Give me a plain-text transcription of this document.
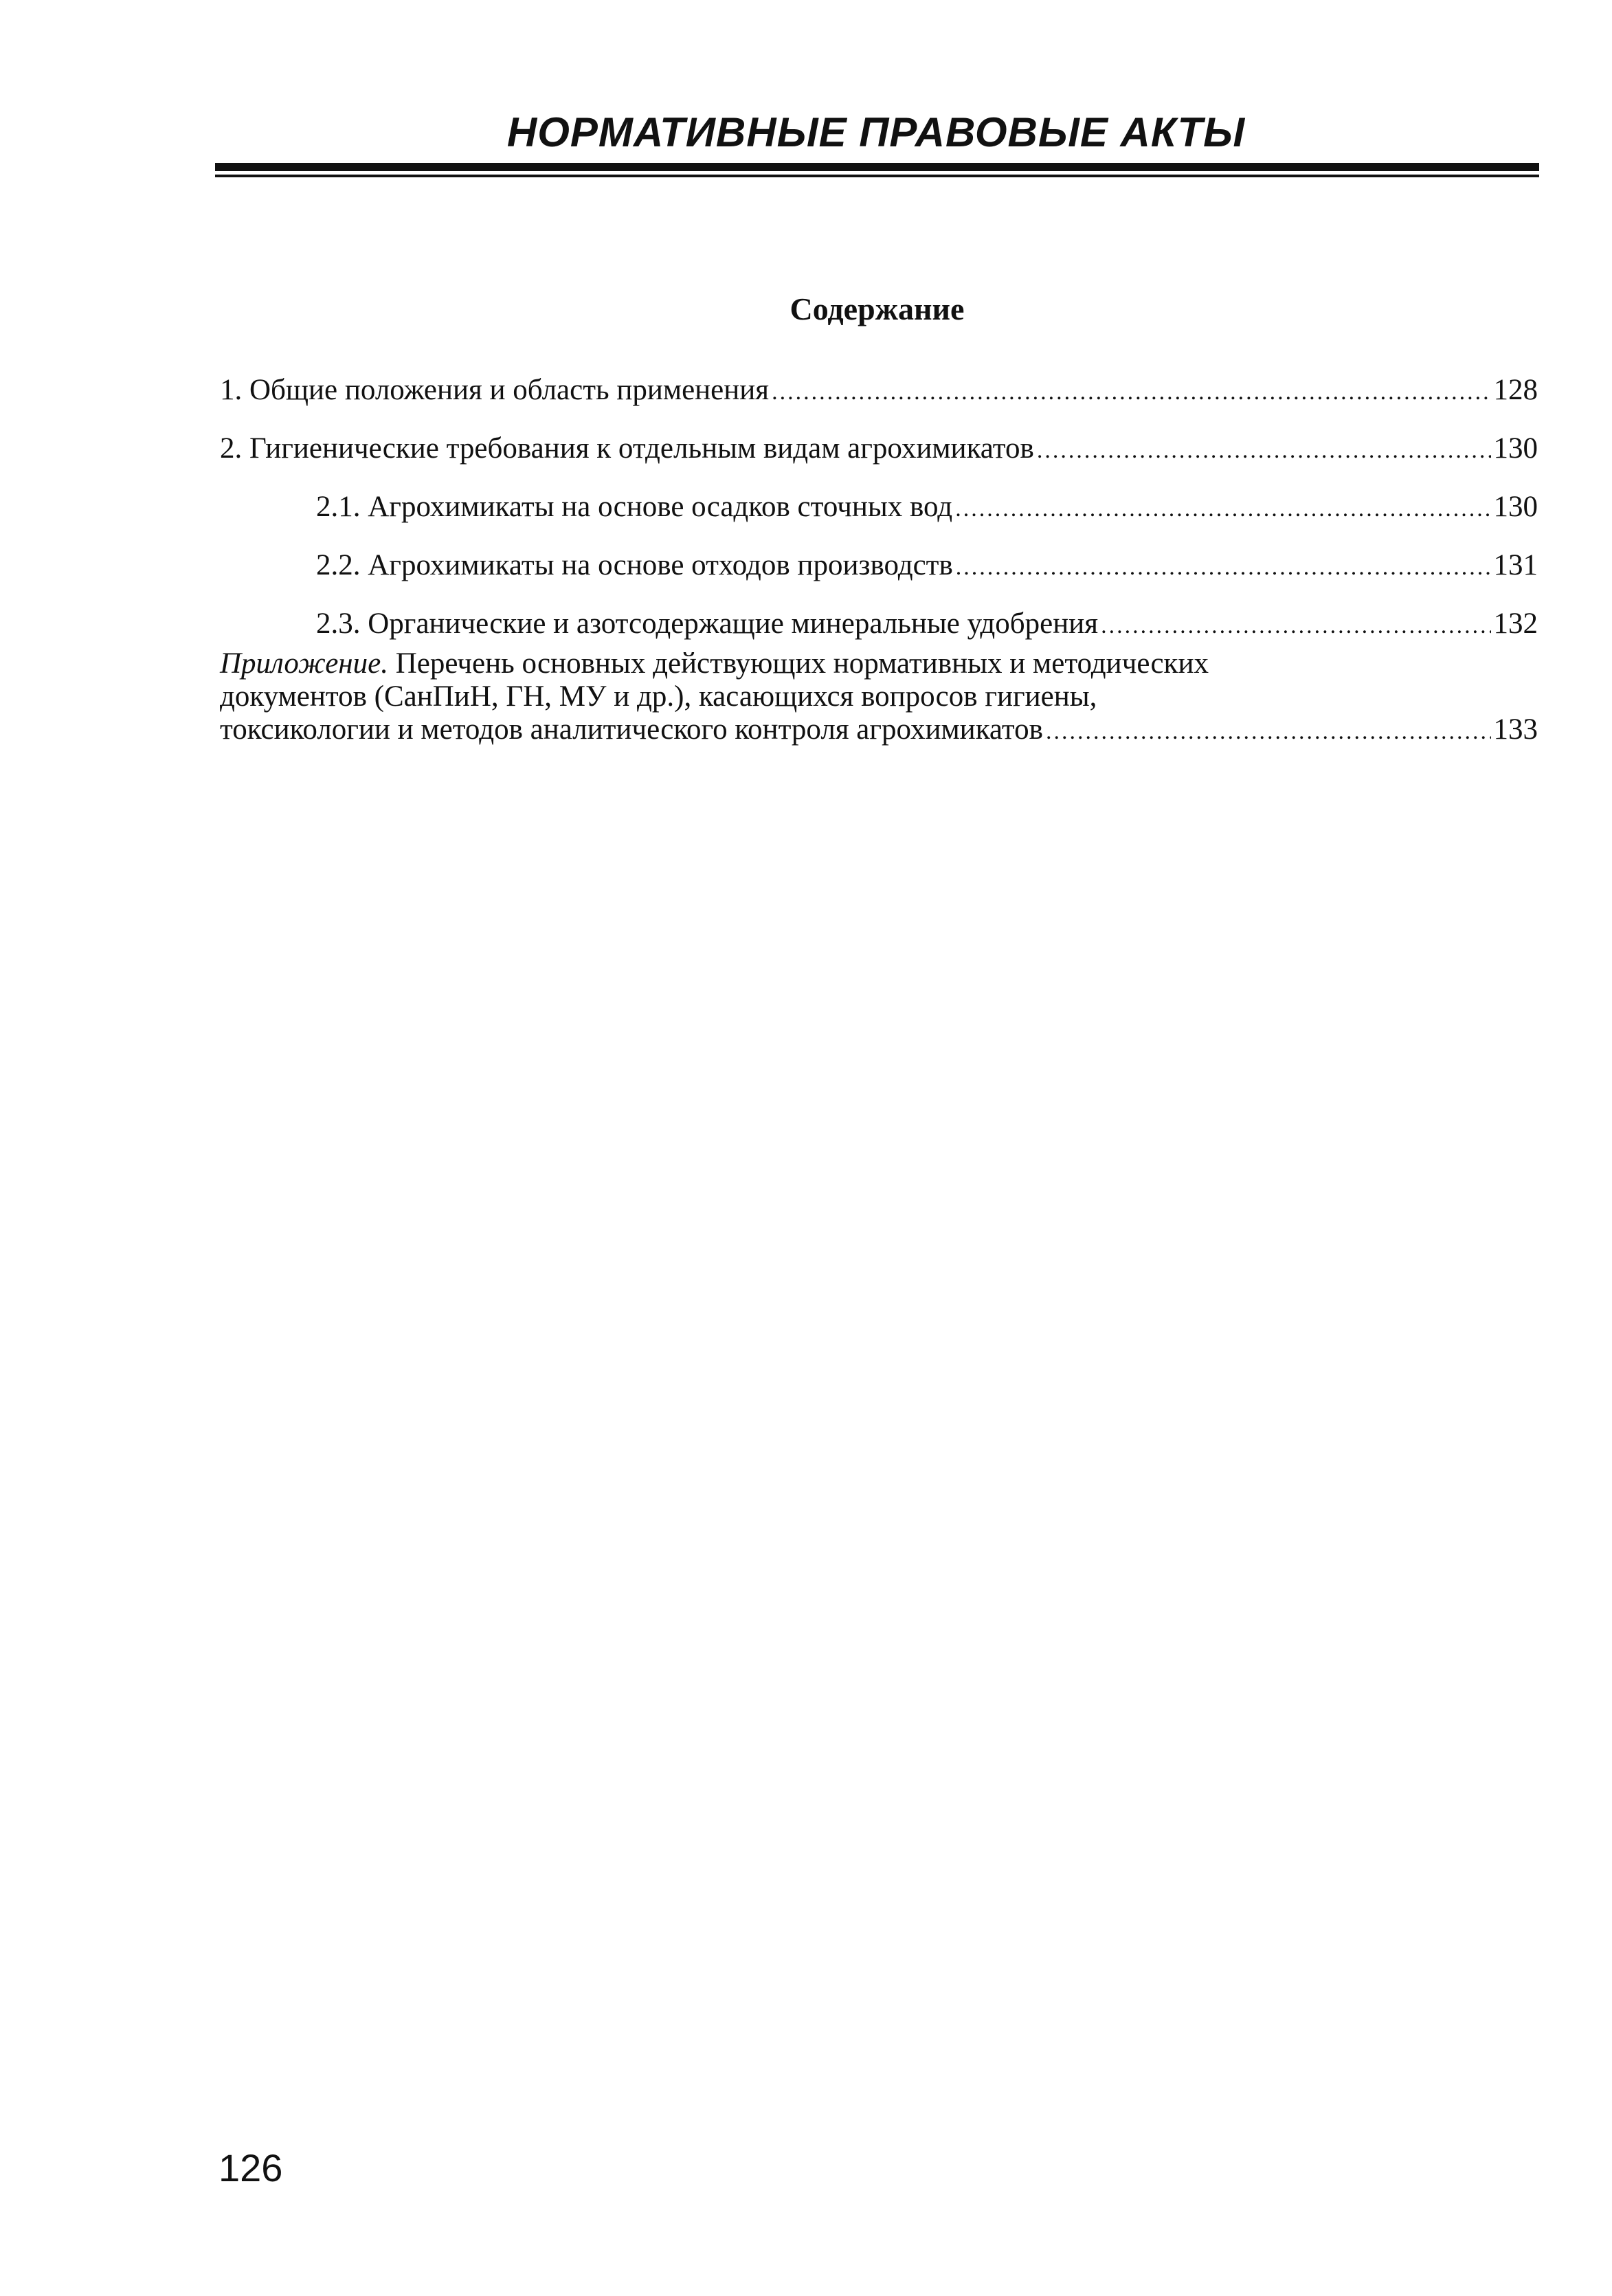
НОРМАТИВНЫЕ ПРАВОВЫЕ АКТЫ
Содержание
1. Общие положения и область применения .....	128
2. Гигиенические требования к отдельным видам агрохимикатов .....	130
2.1. Агрохимикаты на основе осадков сточных вод .....	130
2.2. Агрохимикаты на основе отходов производств .....	131
2.3. Органические и азотсодержащие минеральные удобрения .....	132
Приложение. Перечень основных действующих нормативных и методических
документов (СанПиН, ГН, МУ и др.), касающихся вопросов гигиены,
токсикологии и методов аналитического контроля агрохимикатов .....	133
126
